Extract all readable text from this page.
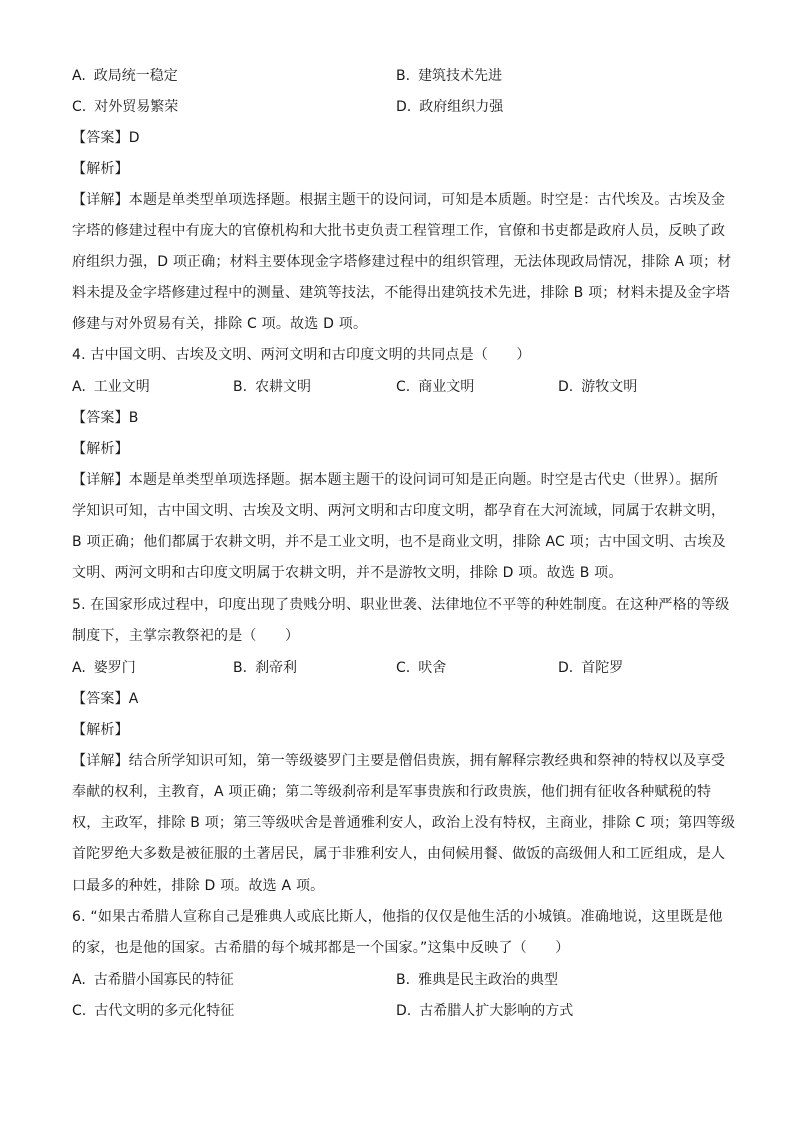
A. 政局统一稳定	B. 建筑技术先进
C. 对外贸易繁荣	D. 政府组织力强
【答案】D
【解析】
【详解】本题是单类型单项选择题。根据主题干的设问词，可知是本质题。时空是：古代埃及。古埃及金
字塔的修建过程中有庞大的官僚机构和大批书吏负责工程管理工作，官僚和书吏都是政府人员，反映了政
府组织力强，D 项正确；材料主要体现金字塔修建过程中的组织管理，无法体现政局情况，排除 A 项；材
料未提及金字塔修建过程中的测量、建筑等技法，不能得出建筑技术先进，排除 B 项；材料未提及金字塔
修建与对外贸易有关，排除 C 项。故选 D 项。
4. 古中国文明、古埃及文明、两河文明和古印度文明的共同点是（　　）
A. 工业文明	B. 农耕文明	C. 商业文明	D. 游牧文明
【答案】B
【解析】
【详解】本题是单类型单项选择题。据本题主题干的设问词可知是正向题。时空是古代史（世界）。据所
学知识可知，古中国文明、古埃及文明、两河文明和古印度文明，都孕育在大河流域，同属于农耕文明，
B 项正确；他们都属于农耕文明，并不是工业文明，也不是商业文明，排除 AC 项；古中国文明、古埃及
文明、两河文明和古印度文明属于农耕文明，并不是游牧文明，排除 D 项。故选 B 项。
5. 在国家形成过程中，印度出现了贵贱分明、职业世袭、法律地位不平等的种姓制度。在这种严格的等级
制度下，主掌宗教祭祀的是（　　）
A. 婆罗门	B. 刹帝利	C. 吠舍	D. 首陀罗
【答案】A
【解析】
【详解】结合所学知识可知，第一等级婆罗门主要是僧侣贵族，拥有解释宗教经典和祭神的特权以及享受
奉献的权利，主教育，A 项正确；第二等级刹帝利是军事贵族和行政贵族，他们拥有征收各种赋税的特
权，主政军，排除 B 项；第三等级吠舍是普通雅利安人，政治上没有特权，主商业，排除 C 项；第四等级
首陀罗绝大多数是被征服的土著居民，属于非雅利安人，由伺候用餐、做饭的高级佣人和工匠组成，是人
口最多的种姓，排除 D 项。故选 A 项。
6. “如果古希腊人宣称自己是雅典人或底比斯人，他指的仅仅是他生活的小城镇。准确地说，这里既是他
的家，也是他的国家。古希腊的每个城邦都是一个国家。”这集中反映了（　　）
A. 古希腊小国寡民的特征	B. 雅典是民主政治的典型
C. 古代文明的多元化特征	D. 古希腊人扩大影响的方式
